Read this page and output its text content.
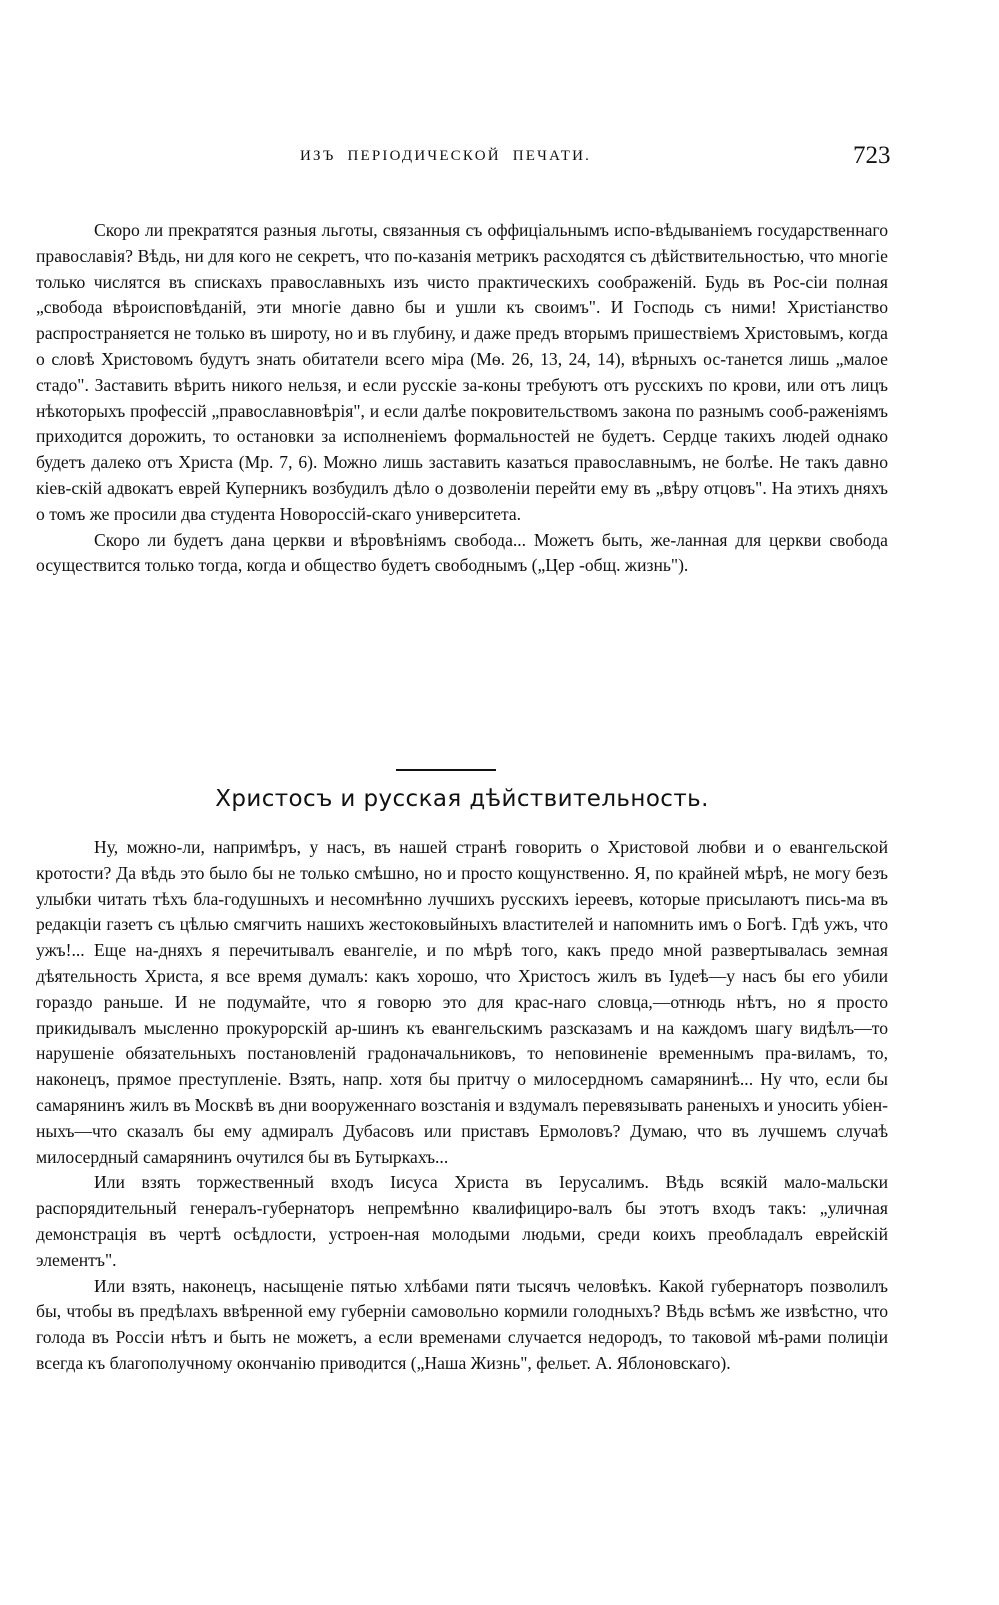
ИЗЪ ПЕРІОДИЧЕСКОЙ ПЕЧАТИ.	723

Скоро ли прекратятся разныя льготы, связанныя съ оффиціальнымъ испо-вѣдываніемъ государственнаго православія? Вѣдь, ни для кого не секретъ, что по-казанія метрикъ расходятся съ дѣйствительностью, что многіе только числятся въ спискахъ православныхъ изъ чисто практическихъ соображеній. Будь въ Рос-сіи полная „свобода вѣроисповѣданій, эти многіе давно бы и ушли къ своимъ". И Господь съ ними! Христіанство распространяется не только въ широту, но и въ глубину, и даже предъ вторымъ пришествіемъ Христовымъ, когда о словѣ Христовомъ будутъ знать обитатели всего міра (Мѳ. 26, 13, 24, 14), вѣрныхъ ос-танется лишь „малое стадо". Заставить вѣрить никого нельзя, и если русскіе за-коны требуютъ отъ русскихъ по крови, или отъ лицъ нѣкоторыхъ профессій „православновѣрія", и если далѣе покровительствомъ закона по разнымъ сооб-раженіямъ приходится дорожить, то остановки за исполненіемъ формальностей не будетъ. Сердце такихъ людей однако будетъ далеко отъ Христа (Мр. 7, 6). Можно лишь заставить казаться православнымъ, не болѣе. Не такъ давно кіев-скій адвокатъ еврей Куперникъ возбудилъ дѣло о дозволеніи перейти ему въ „вѣру отцовъ". На этихъ дняхъ о томъ же просили два студента Новороссій-скаго университета.

Скоро ли будетъ дана церкви и вѣровѣніямъ свобода... Можетъ быть, же-ланная для церкви свобода осуществится только тогда, когда и общество будетъ свободнымъ („Цер -общ. жизнь").

Христосъ и русская дѣйствительность.

Ну, можно-ли, напримѣръ, у насъ, въ нашей странѣ говорить о Христовой любви и о евангельской кротости? Да вѣдь это было бы не только смѣшно, но и просто кощунственно. Я, по крайней мѣрѣ, не могу безъ улыбки читать тѣхъ бла-годушныхъ и несомнѣнно лучшихъ русскихъ іереевъ, которые присылаютъ пись-ма въ редакціи газетъ съ цѣлью смягчить нашихъ жестоковыйныхъ властителей и напомнить имъ о Богѣ. Гдѣ ужъ, что ужъ!... Еще на-дняхъ я перечитывалъ евангеліе, и по мѣрѣ того, какъ предо мной развертывалась земная дѣятельность Христа, я все время думалъ: какъ хорошо, что Христосъ жилъ въ Іудеѣ—у насъ бы его убили гораздо раньше. И не подумайте, что я говорю это для крас-наго словца,—отнюдь нѣтъ, но я просто прикидывалъ мысленно прокурорскій ар-шинъ къ евангельскимъ разсказамъ и на каждомъ шагу видѣлъ—то нарушеніе обязательныхъ постановленій градоначальниковъ, то неповиненіе временнымъ пра-виламъ, то, наконецъ, прямое преступленіе. Взять, напр. хотя бы притчу о милосердномъ самарянинѣ... Ну что, если бы самарянинъ жилъ въ Москвѣ въ дни вооруженнаго возстанія и вздумалъ перевязывать раненыхъ и уносить убіен-ныхъ—что сказалъ бы ему адмиралъ Дубасовъ или приставъ Ермоловъ? Думаю, что въ лучшемъ случаѣ милосердный самарянинъ очутился бы въ Бутыркахъ...

Или взять торжественный входъ Іисуса Христа въ Іерусалимъ. Вѣдь всякій мало-мальски распорядительный генералъ-губернаторъ непремѣнно квалифициро-валъ бы этотъ входъ такъ: „уличная демонстрація въ чертѣ осѣдлости, устроен-ная молодыми людьми, среди коихъ преобладалъ еврейскій элементъ".

Или взять, наконецъ, насыщеніе пятью хлѣбами пяти тысячъ человѣкъ. Какой губернаторъ позволилъ бы, чтобы въ предѣлахъ ввѣренной ему губерніи самовольно кормили голодныхъ? Вѣдь всѣмъ же извѣстно, что голода въ Россіи нѣтъ и быть не можетъ, а если временами случается недородъ, то таковой мѣ-рами полиціи всегда къ благополучному окончанію приводится („Наша Жизнь", фельет. А. Яблоновскаго).
